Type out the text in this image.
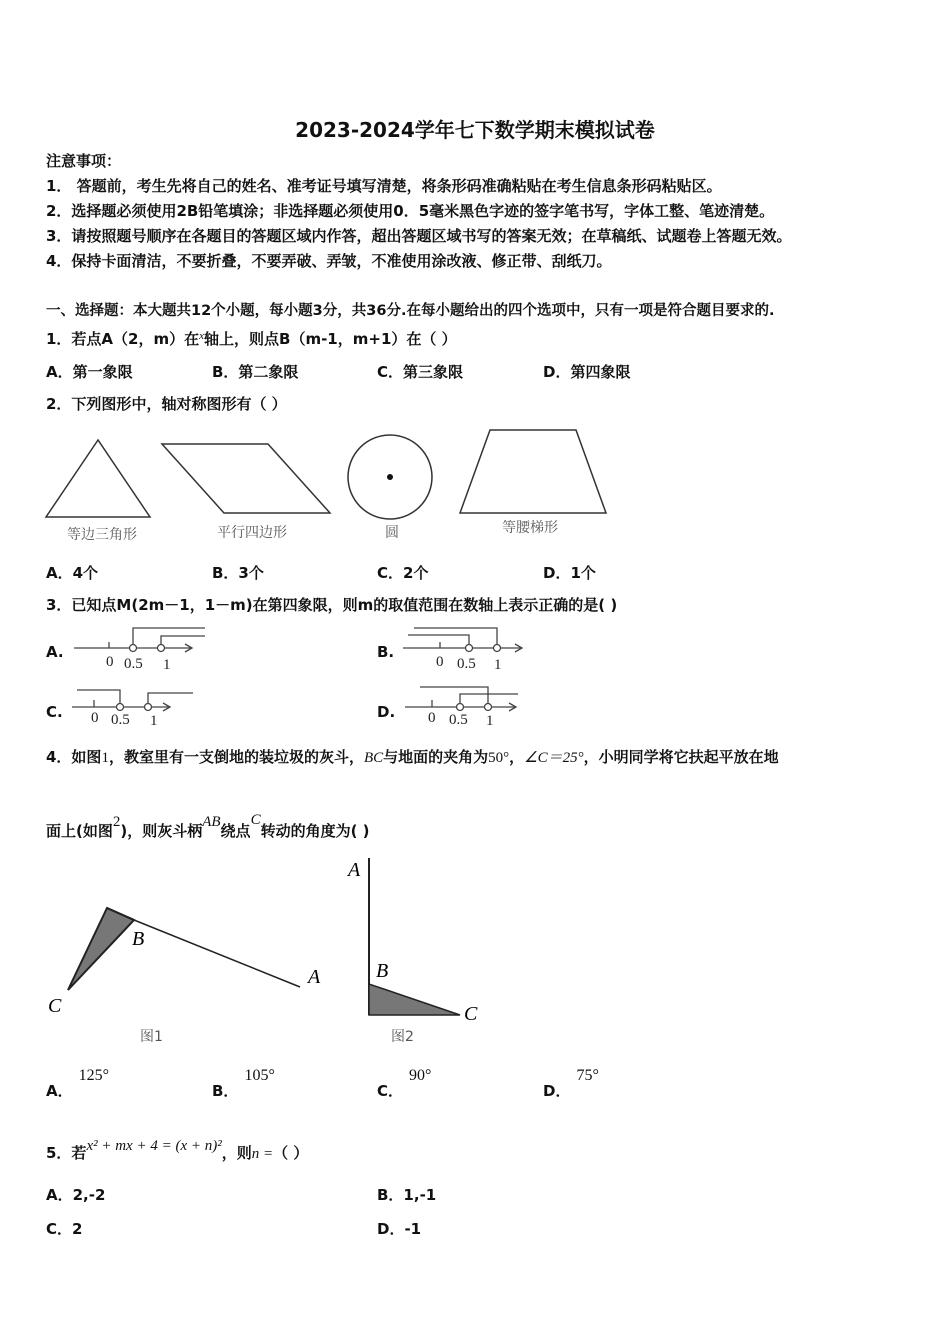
2023-2024学年七下数学期末模拟试卷
注意事项：
1． 答题前，考生先将自己的姓名、准考证号填写清楚，将条形码准确粘贴在考生信息条形码粘贴区。
2．选择题必须使用2B铅笔填涂；非选择题必须使用0．5毫米黑色字迹的签字笔书写，字体工整、笔迹清楚。
3．请按照题号顺序在各题目的答题区域内作答，超出答题区域书写的答案无效；在草稿纸、试题卷上答题无效。
4．保持卡面清洁，不要折叠，不要弄破、弄皱，不准使用涂改液、修正带、刮纸刀。
一、选择题：本大题共12个小题，每小题3分，共36分.在每小题给出的四个选项中，只有一项是符合题目要求的.
1．若点A（2，m）在$^x$轴上，则点B（m-1，m+1）在（ ）
A．第一象限	B．第二象限	C．第三象限	D．第四象限
2．下列图形中，轴对称图形有（ ）
等边三角形	平行四边形	圆	等腰梯形
A．4个	B．3个	C．2个	D．1个
3．已知点M(2m－1，1－m)在第四象限，则m的取值范围在数轴上表示正确的是( )
A.	B.
C.	D.
0 0.5 1	0 0.5 1
0 0.5 1	0 0.5 1
4．如图1，教室里有一支倒地的装垃圾的灰斗，BC与地面的夹角为50°，∠C＝25°，小明同学将它扶起平放在地
面上(如图2)，则灰斗柄AB绕点C转动的角度为( )
C
B
A
图1
A
B
C
图2
A．125°
B．105°
C．90°
D．75°
5．若x² + mx + 4 = (x + n)²，则n =（ ）
A．2,-2	B．1,-1
C．2	D．-1
